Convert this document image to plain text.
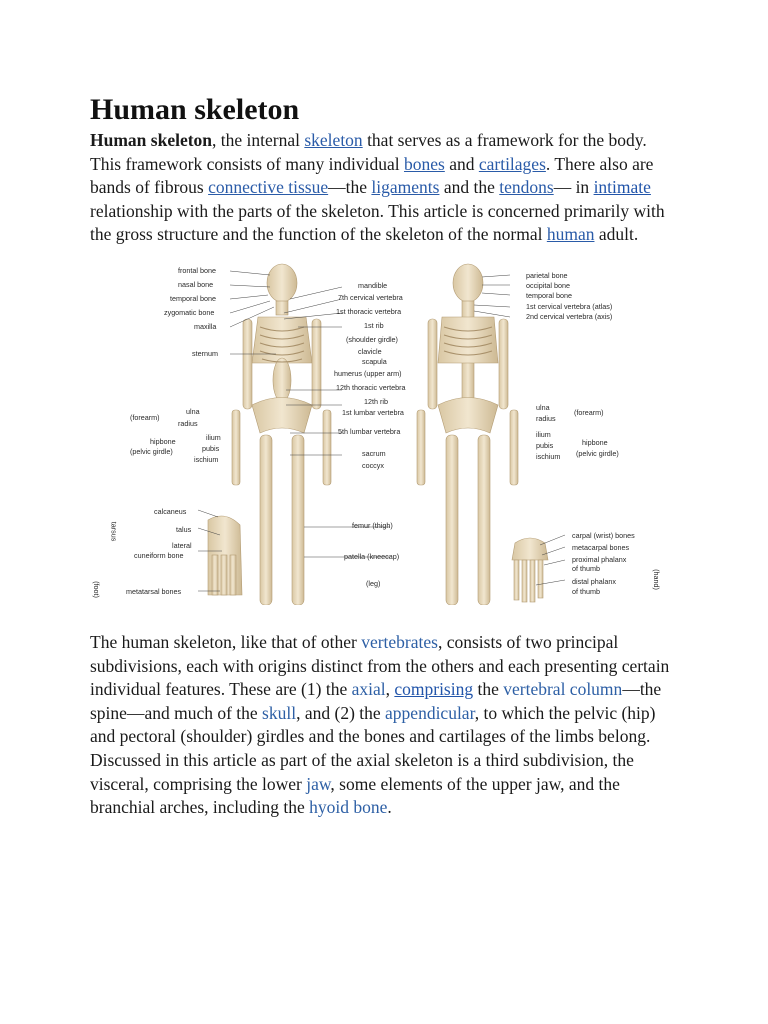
Human skeleton

Human skeleton, the internal skeleton that serves as a framework for the body. This framework consists of many individual bones and cartilages. There also are bands of fibrous connective tissue—the ligaments and the tendons— in intimate relationship with the parts of the skeleton. This article is concerned primarily with the gross structure and the function of the skeleton of the normal human adult.

frontal bone
nasal bone
temporal bone
zygomatic bone
maxilla
sternum
ulna
radius
(forearm)
ilium
pubis
ischium
hipbone
(pelvic girdle)
mandible
7th cervical vertebra
1st thoracic vertebra
1st rib
(shoulder girdle)
clavicle
scapula
humerus (upper arm)
12th thoracic vertebra
12th rib
1st lumbar vertebra
5th lumbar vertebra
sacrum
coccyx
femur (thigh)
patella (kneecap)
(leg)
parietal bone
occipital bone
temporal bone
1st cervical vertebra (atlas)
2nd cervical vertebra (axis)
ulna
radius
(forearm)
ilium
pubis
ischium
hipbone
(pelvic girdle)
calcaneus
talus
lateral
cuneiform bone
metatarsal bones
tarsus
(foot)
carpal (wrist) bones
metacarpal bones
proximal phalanx
of thumb
distal phalanx
of thumb
(hand)

The human skeleton, like that of other vertebrates, consists of two principal subdivisions, each with origins distinct from the others and each presenting certain individual features. These are (1) the axial, comprising the vertebral column—the spine—and much of the skull, and (2) the appendicular, to which the pelvic (hip) and pectoral (shoulder) girdles and the bones and cartilages of the limbs belong. Discussed in this article as part of the axial skeleton is a third subdivision, the visceral, comprising the lower jaw, some elements of the upper jaw, and the branchial arches, including the hyoid bone.
